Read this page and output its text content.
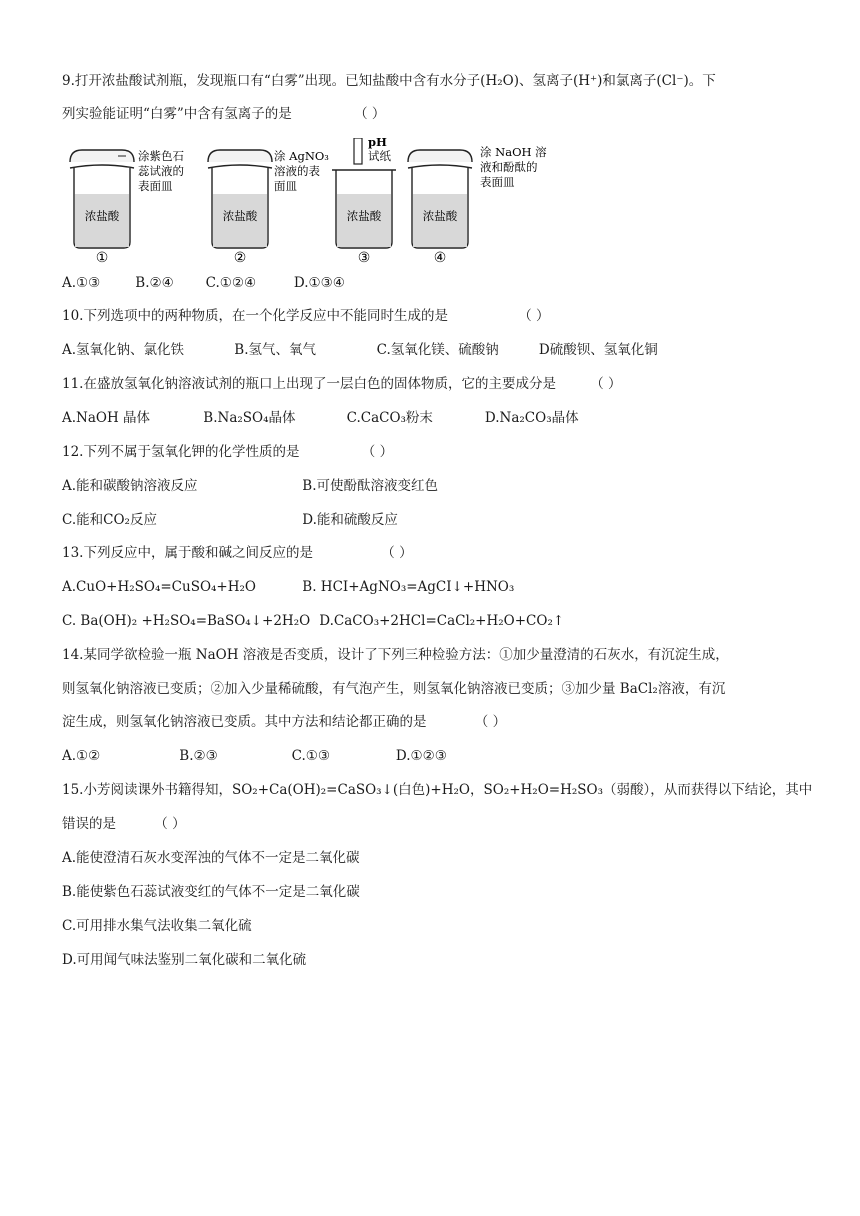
9.打开浓盐酸试剂瓶，发现瓶口有“白雾”出现。已知盐酸中含有水分子(H₂O)、氢离子(H⁺)和氯离子(Cl⁻)。下
列实验能证明“白雾”中含有氢离子的是	（ ）
浓盐酸
①
涂紫色石
蕊试液的
表面皿
浓盐酸
②
涂 AgNO₃
溶液的表
面皿
浓盐酸
③
pH
试纸
浓盐酸
④
涂 NaOH 溶
液和酚酞的
表面皿
A.①③	B.②④ C.①②④	D.①③④
10.下列选项中的两种物质，在一个化学反应中不能同时生成的是	（ ）
A.氢氧化钠、氯化铁	B.氢气、氧气	C.氢氧化镁、硫酸钠	D硫酸钡、氢氧化铜
11.在盛放氢氧化钠溶液试剂的瓶口上出现了一层白色的固体物质，它的主要成分是	（ ）
A.NaOH 晶体	B.Na₂SO₄晶体	C.CaCO₃粉末	D.Na₂CO₃晶体
12.下列不属于氢氧化钾的化学性质的是	（ ）
A.能和碳酸钠溶液反应	B.可使酚酞溶液变红色
C.能和CO₂反应	D.能和硫酸反应
13.下列反应中，属于酸和碱之间反应的是	（ ）
A.CuO+H₂SO₄=CuSO₄+H₂O	B. HCI+AgNO₃=AgCI↓+HNO₃
C. Ba(OH)₂ +H₂SO₄=BaSO₄↓+2H₂O D.CaCO₃+2HCl=CaCl₂+H₂O+CO₂↑
14.某同学欲检验一瓶 NaOH 溶液是否变质，设计了下列三种检验方法：①加少量澄清的石灰水，有沉淀生成，
则氢氧化钠溶液已变质；②加入少量稀硫酸，有气泡产生，则氢氧化钠溶液已变质；③加少量 BaCl₂溶液，有沉
淀生成，则氢氧化钠溶液已变质。其中方法和结论都正确的是	（ ）
A.①②	B.②③	C.①③	D.①②③
15.小芳阅读课外书籍得知，SO₂+Ca(OH)₂=CaSO₃↓(白色)+H₂O，SO₂+H₂O=H₂SO₃（弱酸），从而获得以下结论，其中
错误的是	（ ）
A.能使澄清石灰水变浑浊的气体不一定是二氧化碳
B.能使紫色石蕊试液变红的气体不一定是二氧化碳
C.可用排水集气法收集二氧化硫
D.可用闻气味法鉴别二氧化碳和二氧化硫
